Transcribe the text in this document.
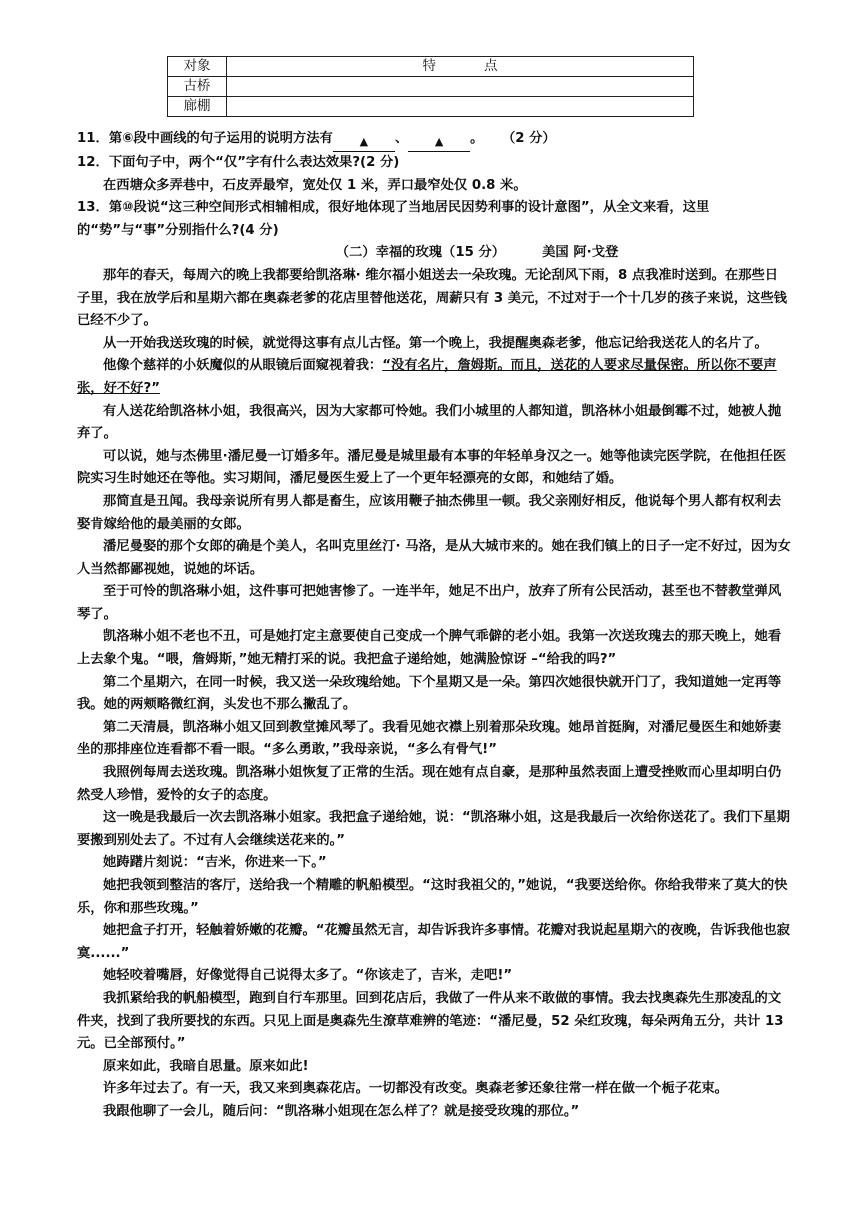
对象	特 点
古桥	
廊棚	

11．第⑥段中画线的句子运用的说明方法有 ▲ 、 ▲ 。 （2 分）

12．下面句子中，两个“仅”字有什么表达效果?(2 分)

在西塘众多弄巷中，石皮弄最窄，宽处仅 1 米，弄口最窄处仅 0.8 米。

13．第⑩段说“这三种空间形式相辅相成，很好地体现了当地居民因势利事的设计意图”，从全文来看，这里

的“势”与“事”分别指什么?(4 分)

（二）幸福的玫瑰（15 分）	美国 阿·戈登

那年的春天，每周六的晚上我都要给凯洛琳· 维尔福小姐送去一朵玫瑰。无论刮风下雨，8 点我准时送到。在那些日子里，我在放学后和星期六都在奥森老爹的花店里替他送花，周薪只有 3 美元，不过对于一个十几岁的孩子来说，这些钱已经不少了。

从一开始我送玫瑰的时候，就觉得这事有点儿古怪。第一个晚上，我提醒奥森老爹，他忘记给我送花人的名片了。

他像个慈祥的小妖魔似的从眼镜后面窥视着我：“没有名片，詹姆斯。而且，送花的人要求尽量保密。所以你不要声张，好不好?”

有人送花给凯洛林小姐，我很高兴，因为大家都可怜她。我们小城里的人都知道，凯洛林小姐最倒霉不过，她被人抛弃了。

可以说，她与杰佛里·潘尼曼一订婚多年。潘尼曼是城里最有本事的年轻单身汉之一。她等他读完医学院，在他担任医院实习生时她还在等他。实习期间，潘尼曼医生爱上了一个更年轻漂亮的女郎，和她结了婚。

那简直是丑闻。我母亲说所有男人都是畜生，应该用鞭子抽杰佛里一顿。我父亲刚好相反，他说每个男人都有权利去娶肯嫁给他的最美丽的女郎。

潘尼曼娶的那个女郎的确是个美人，名叫克里丝汀· 马洛，是从大城市来的。她在我们镇上的日子一定不好过，因为女人当然都鄙视她，说她的坏话。

至于可怜的凯洛琳小姐，这件事可把她害惨了。一连半年，她足不出户，放弃了所有公民活动，甚至也不替教堂弹风琴了。

凯洛琳小姐不老也不丑，可是她打定主意要使自己变成一个脾气乖僻的老小姐。我第一次送玫瑰去的那天晚上，她看上去象个鬼。“喂，詹姆斯，”她无精打采的说。我把盒子递给她，她满脸惊讶 –“给我的吗?”

第二个星期六，在同一时候，我又送一朵玫瑰给她。下个星期又是一朵。第四次她很快就开门了，我知道她一定再等我。她的两颊略微红润，头发也不那么撇乱了。

第二天清晨，凯洛琳小姐又回到教堂摊风琴了。我看见她衣襟上别着那朵玫瑰。她昂首挺胸，对潘尼曼医生和她娇妻坐的那排座位连看都不看一眼。“多么勇敢，”我母亲说，“多么有骨气!”

我照例每周去送玫瑰。凯洛琳小姐恢复了正常的生活。现在她有点自豪，是那种虽然表面上遭受挫败而心里却明白仍然受人珍惜，爱怜的女子的态度。

这一晚是我最后一次去凯洛琳小姐家。我把盒子递给她，说：“凯洛琳小姐，这是我最后一次给你送花了。我们下星期要搬到别处去了。不过有人会继续送花来的。”

她踌躇片刻说：“吉米，你进来一下。”

她把我领到整洁的客厅，送给我一个精雕的帆船模型。“这时我祖父的，”她说，“我要送给你。你给我带来了莫大的快乐，你和那些玫瑰。”

她把盒子打开，轻触着娇嫩的花瓣。“花瓣虽然无言，却告诉我许多事情。花瓣对我说起星期六的夜晚，告诉我他也寂寞......”

她轻咬着嘴唇，好像觉得自己说得太多了。“你该走了，吉米，走吧!”

我抓紧给我的帆船模型，跑到自行车那里。回到花店后，我做了一件从来不敢做的事情。我去找奥森先生那凌乱的文件夹，找到了我所要找的东西。只见上面是奥森先生潦草难辨的笔迹：“潘尼曼，52 朵红玫瑰，每朵两角五分，共计 13 元。已全部预付。”

原来如此，我暗自思量。原来如此!

许多年过去了。有一天，我又来到奥森花店。一切都没有改变。奥森老爹还象往常一样在做一个栀子花束。

我跟他聊了一会儿，随后问：“凯洛琳小姐现在怎么样了？就是接受玫瑰的那位。”
